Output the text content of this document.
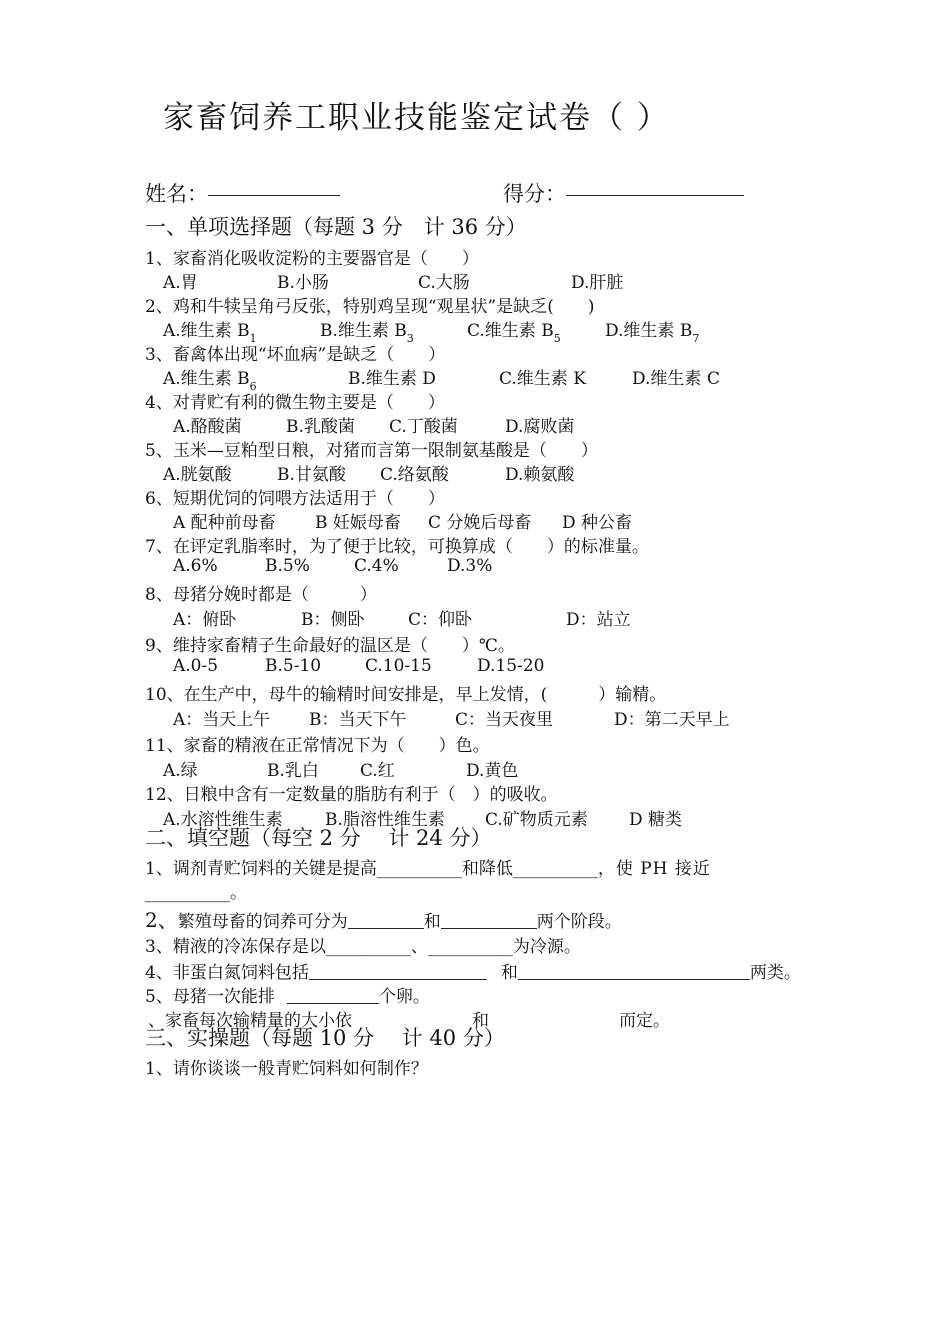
家畜饲养工职业技能鉴定试卷（ ）
姓名：	得分：
一、单项选择题（每题 3 分　计 36 分）
1、家畜消化吸收淀粉的主要器官是（　　）
A.胃	B.小肠	C.大肠	D.肝脏
2、鸡和牛犊呈角弓反张，特别鸡呈现“观星状”是缺乏(　　)
A.维生素 $B_1$	B.维生素 $B_3$	C.维生素 $B_5$	D.维生素 $B_7$
3、畜禽体出现“坏血病”是缺乏（　　）
A.维生素 $B_6$	B.维生素 D	C.维生素 K	D.维生素 C
4、对青贮有利的微生物主要是（　　）
A.酪酸菌	B.乳酸菌 C.丁酸菌	D.腐败菌
5、玉米—豆粕型日粮，对猪而言第一限制氨基酸是（　　）
A.胱氨酸	B.甘氨酸 C.络氨酸	D.赖氨酸
6、短期优饲的饲喂方法适用于（　　）
A 配种前母畜 B 妊娠母畜 C 分娩后母畜 D 种公畜
7、在评定乳脂率时，为了便于比较，可换算成（　　）的标准量。
A.6%	B.5%	C.4%	D.3%
8、母猪分娩时都是（　　　）
A：俯卧	B：侧卧	C：仰卧	D：站立
9、维持家畜精子生命最好的温区是（　　）℃。
A.0-5	B.5-10	C.10-15	D.15-20
10、在生产中，母牛的输精时间安排是，早上发情，(　　　）输精。
A：当天上午 B：当天下午	C：当天夜里	D：第二天早上
11、家畜的精液在正常情况下为（　　）色。
A.绿	B.乳白 C.红	D.黄色
12、日粮中含有一定数量的脂肪有利于（　）的吸收。
A.水溶性维生素 B.脂溶性维生素 C.矿物质元素 D 糖类
二、填空题（每空 2 分　 计 24 分）
1、调剂青贮饲料的关键是提高__________和降低__________，使 PH 接近
__________。
2、繁殖母畜的饲养可分为	和	两个阶段。
3、精液的冷冻保存是以__________、__________为冷源。
4、非蛋白氮饲料包括	和	两类。
5、母猪一次能排	个卵。
、家畜每次输精量的大小依	和	而定。
三、实操题（每题 10 分　 计 40 分）
1、请你谈谈一般青贮饲料如何制作？
